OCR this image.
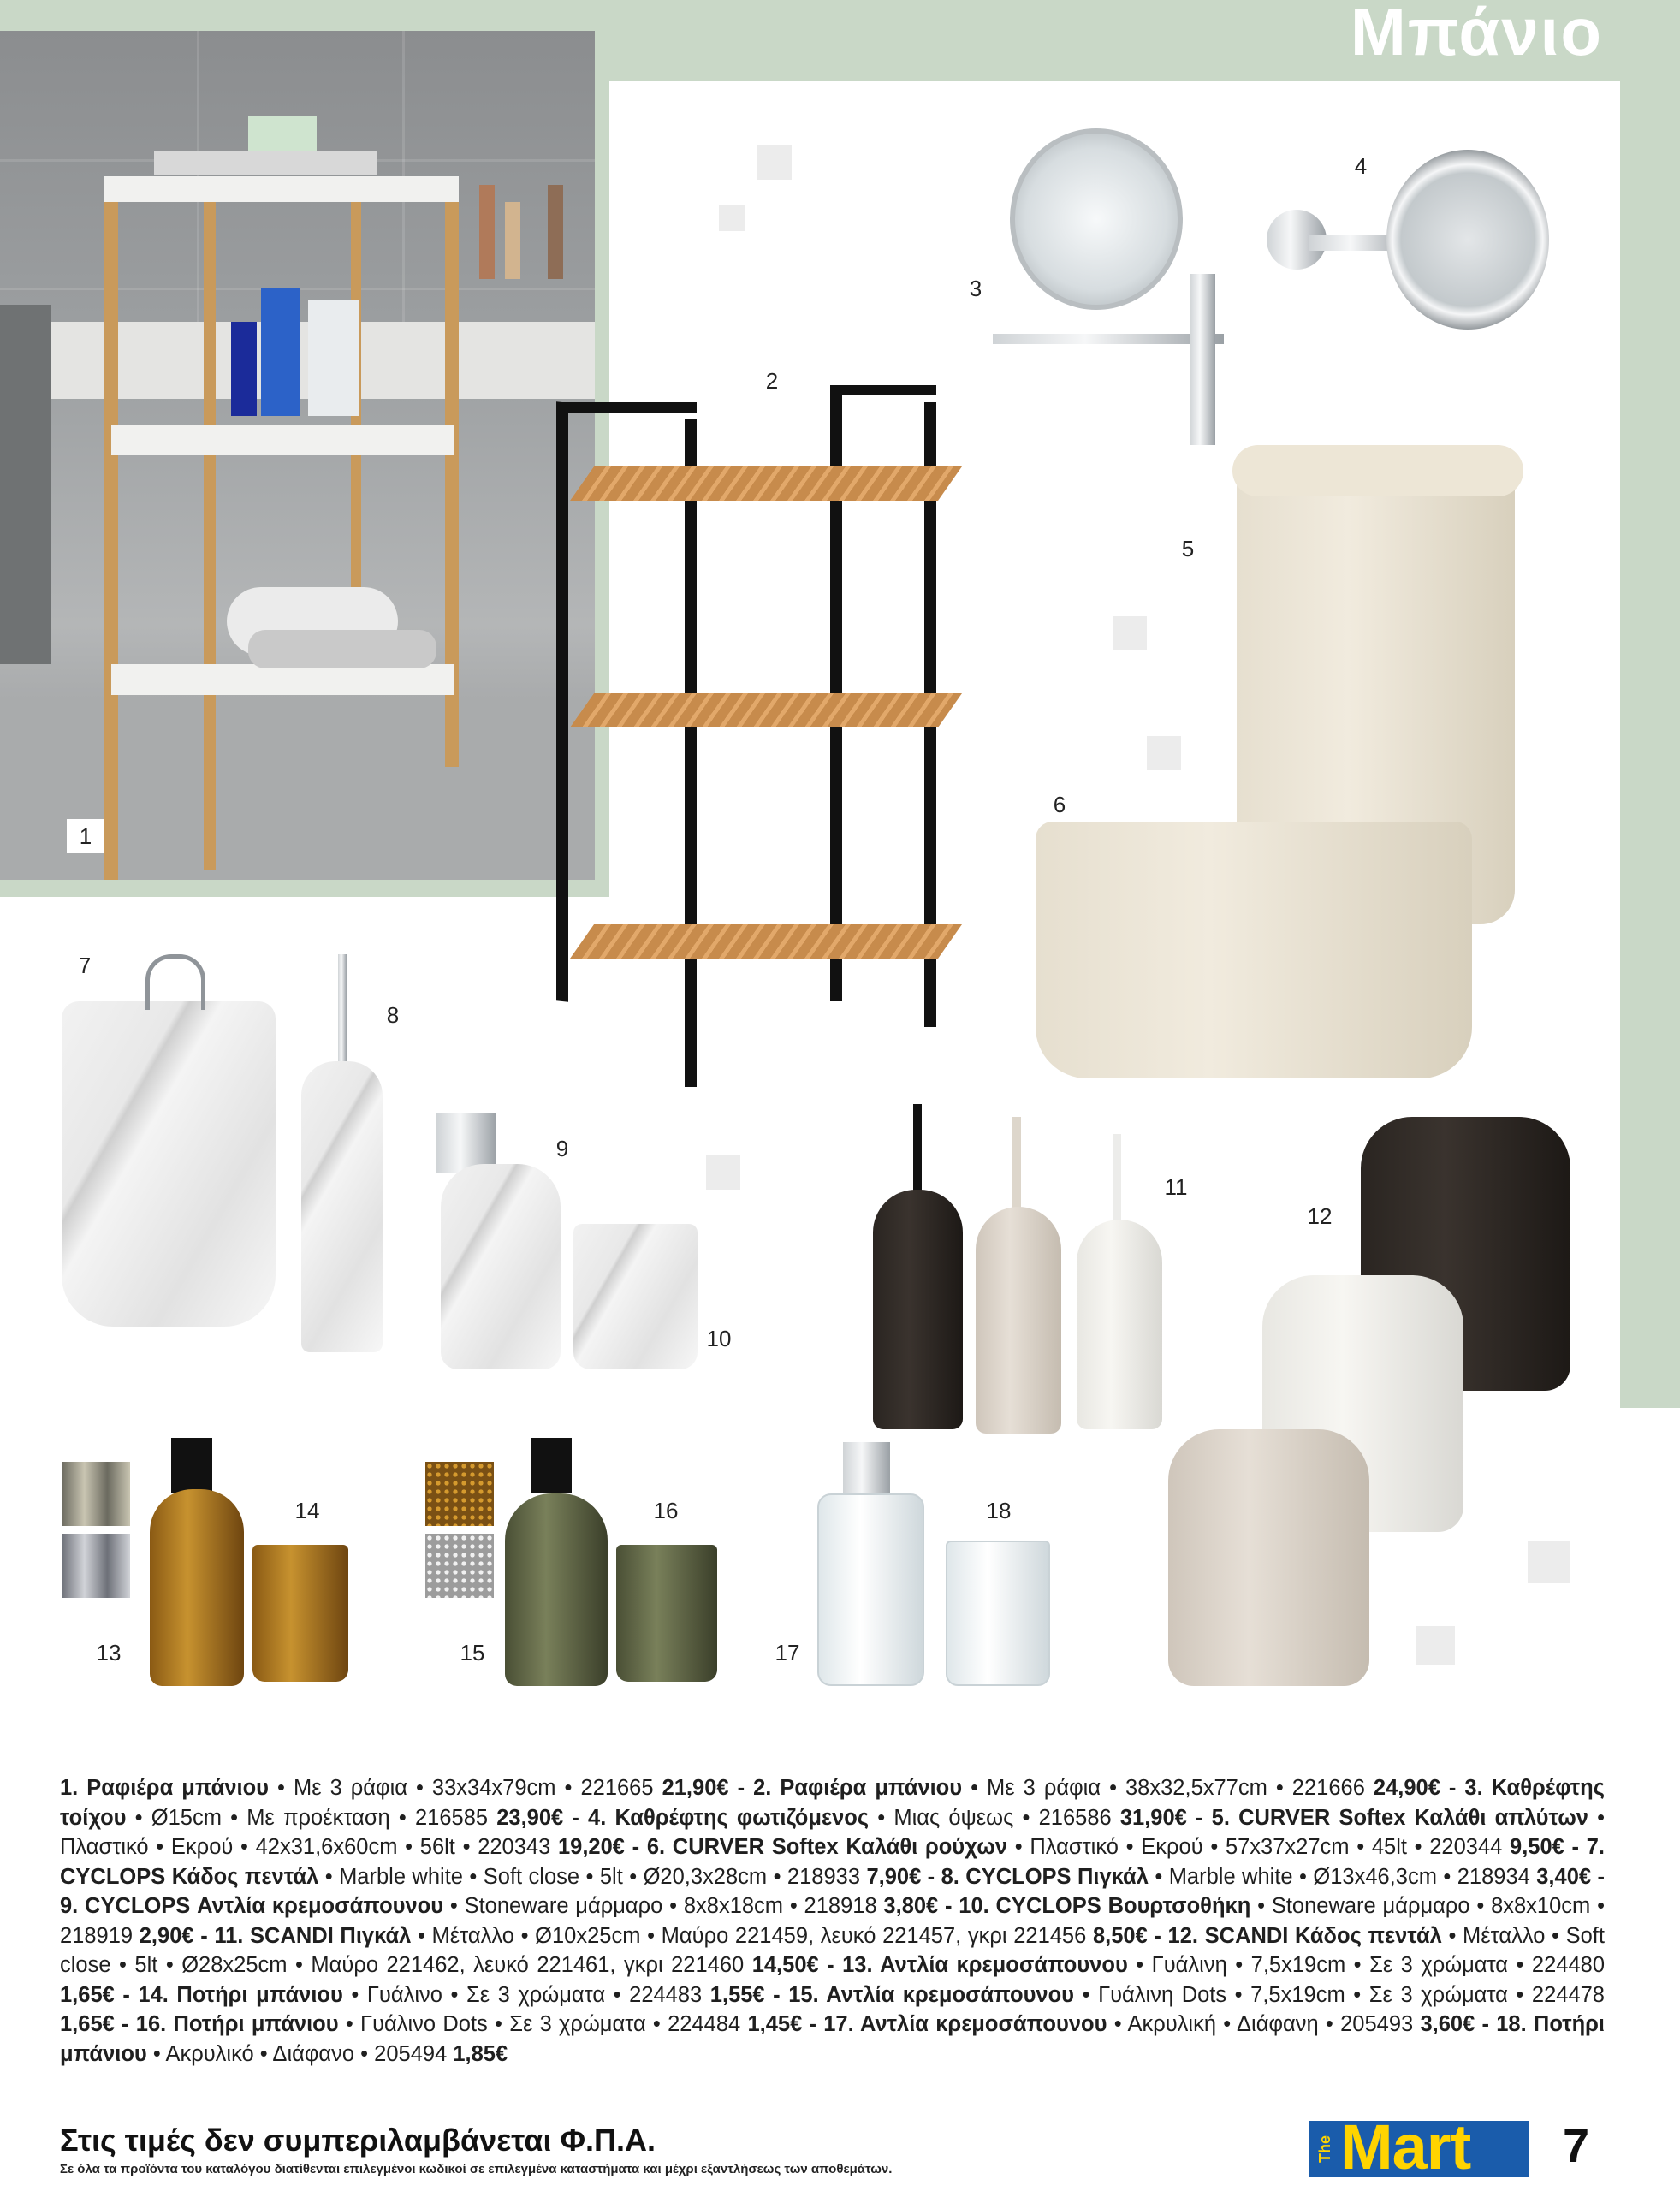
Μπάνιο
1
2
3
4
5
6
7
8
9
10
11
12
13
14
15
16
17
18
1. Ραφιέρα μπάνιου • Με 3 ράφια • 33x34x79cm • 221665 21,90€ - 2. Ραφιέρα μπάνιου • Με 3 ράφια • 38x32,5x77cm • 221666 24,90€ - 3. Καθρέφτης τοίχου • Ø15cm • Με προέκταση • 216585 23,90€ - 4. Καθρέφτης φωτιζόμενος • Μιας όψεως • 216586 31,90€ - 5. CURVER Softex Καλάθι απλύτων • Πλαστικό • Εκρού • 42x31,6x60cm • 56lt • 220343 19,20€ - 6. CURVER Softex Καλάθι ρούχων • Πλαστικό • Εκρού • 57x37x27cm • 45lt • 220344 9,50€ - 7. CYCLOPS Κάδος πεντάλ • Marble white • Soft close • 5lt • Ø20,3x28cm • 218933 7,90€ - 8. CYCLOPS Πιγκάλ • Marble white • Ø13x46,3cm • 218934 3,40€ - 9. CYCLOPS Αντλία κρεμοσάπουνου • Stoneware μάρμαρο • 8x8x18cm • 218918 3,80€ - 10. CYCLOPS Βουρτσοθήκη • Stoneware μάρμαρο • 8x8x10cm • 218919 2,90€ - 11. SCANDI Πιγκάλ • Μέταλλο • Ø10x25cm • Μαύρο 221459, λευκό 221457, γκρι 221456 8,50€ - 12. SCANDI Κάδος πεντάλ • Μέταλλο • Soft close • 5lt • Ø28x25cm • Μαύρο 221462, λευκό 221461, γκρι 221460 14,50€ - 13. Αντλία κρεμοσάπουνου • Γυάλινη • 7,5x19cm • Σε 3 χρώματα • 224480 1,65€ - 14. Ποτήρι μπάνιου • Γυάλινο • Σε 3 χρώματα • 224483 1,55€ - 15. Αντλία κρεμοσάπουνου • Γυάλινη Dots • 7,5x19cm • Σε 3 χρώματα • 224478 1,65€ - 16. Ποτήρι μπάνιου • Γυάλινο Dots • Σε 3 χρώματα • 224484 1,45€ - 17. Αντλία κρεμοσάπουνου • Ακρυλική • Διάφανη • 205493 3,60€ - 18. Ποτήρι μπάνιου • Ακρυλικό • Διάφανο • 205494 1,85€
Στις τιμές δεν συμπεριλαμβάνεται Φ.Π.Α.
Σε όλα τα προϊόντα του καταλόγου διατίθενται επιλεγμένοι κωδικοί σε επιλεγμένα καταστήματα και μέχρι εξαντλήσεως των αποθεμάτων.
The Mart 7
